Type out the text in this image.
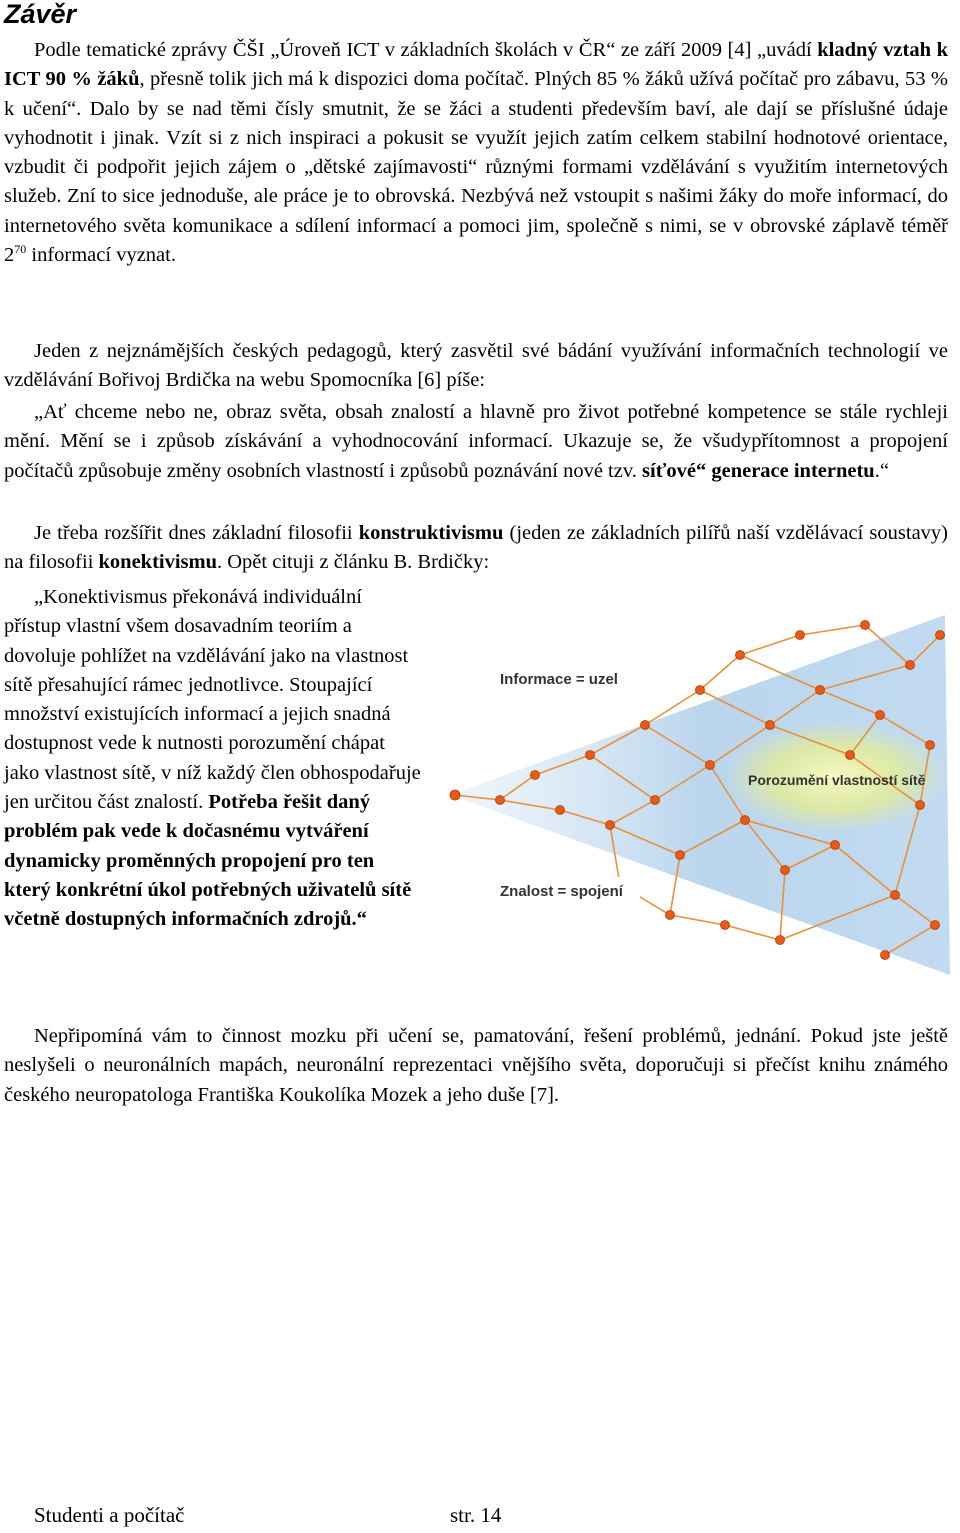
Závěr

Podle tematické zprávy ČŠI „Úroveň ICT v základních školách v ČR“ ze září 2009 [4] „uvádí kladný vztah k ICT 90 % žáků, přesně tolik jich má k dispozici doma počítač. Plných 85 % žáků užívá počítač pro zábavu, 53 % k učení“. Dalo by se nad těmi čísly smutnit, že se žáci a studenti především baví, ale dají se příslušné údaje vyhodnotit i jinak. Vzít si z nich inspiraci a pokusit se využít jejich zatím celkem stabilní hodnotové orientace, vzbudit či podpořit jejich zájem o „dětské zajímavosti“ různými formami vzdělávání s využitím internetových služeb. Zní to sice jednoduše, ale práce je to obrovská. Nezbývá než vstoupit s našimi žáky do moře informací, do internetového světa komunikace a sdílení informací a pomoci jim, společně s nimi, se v obrovské záplavě téměř $2^{70}$ informací vyznat.

Jeden z nejznámějších českých pedagogů, který zasvětil své bádání využívání informačních technologií ve vzdělávání Bořivoj Brdička na webu Spomocníka [6] píše:

„Ať chceme nebo ne, obraz světa, obsah znalostí a hlavně pro život potřebné kompetence se stále rychleji mění. Mění se i způsob získávání a vyhodnocování informací. Ukazuje se, že všudypřítomnost a propojení počítačů způsobuje změny osobních vlastností i způsobů poznávání nové tzv. síťové“ generace internetu.“

Je třeba rozšířit dnes základní filosofii konstruktivismu (jeden ze základních pilířů naší vzdělávací soustavy) na filosofii konektivismu. Opět cituji z článku B. Brdičky:

„Konektivismus překonává individuální přístup vlastní všem dosavadním teoriím a dovoluje pohlížet na vzdělávání jako na vlastnost sítě přesahující rámec jednotlivce. Stoupající množství existujících informací a jejich snadná dostupnost vede k nutnosti porozumění chápat jako vlastnost sítě, v níž každý člen obhospodařuje jen určitou část znalostí. Potřeba řešit daný problém pak vede k dočasnému vytváření dynamicky proměnných propojení pro ten který konkrétní úkol potřebných uživatelů sítě včetně dostupných informačních zdrojů.“

Informace = uzel
Porozumění vlastností sítě
Znalost = spojení

Nepřipomíná vám to činnost mozku při učení se, pamatování, řešení problémů, jednání. Pokud jste ještě neslyšeli o neuronálních mapách, neuronální reprezentaci vnějšího světa, doporučuji si přečíst knihu známého českého neuropatologa Františka Koukolíka Mozek a jeho duše [7].

Studenti a počítač	str. 14
